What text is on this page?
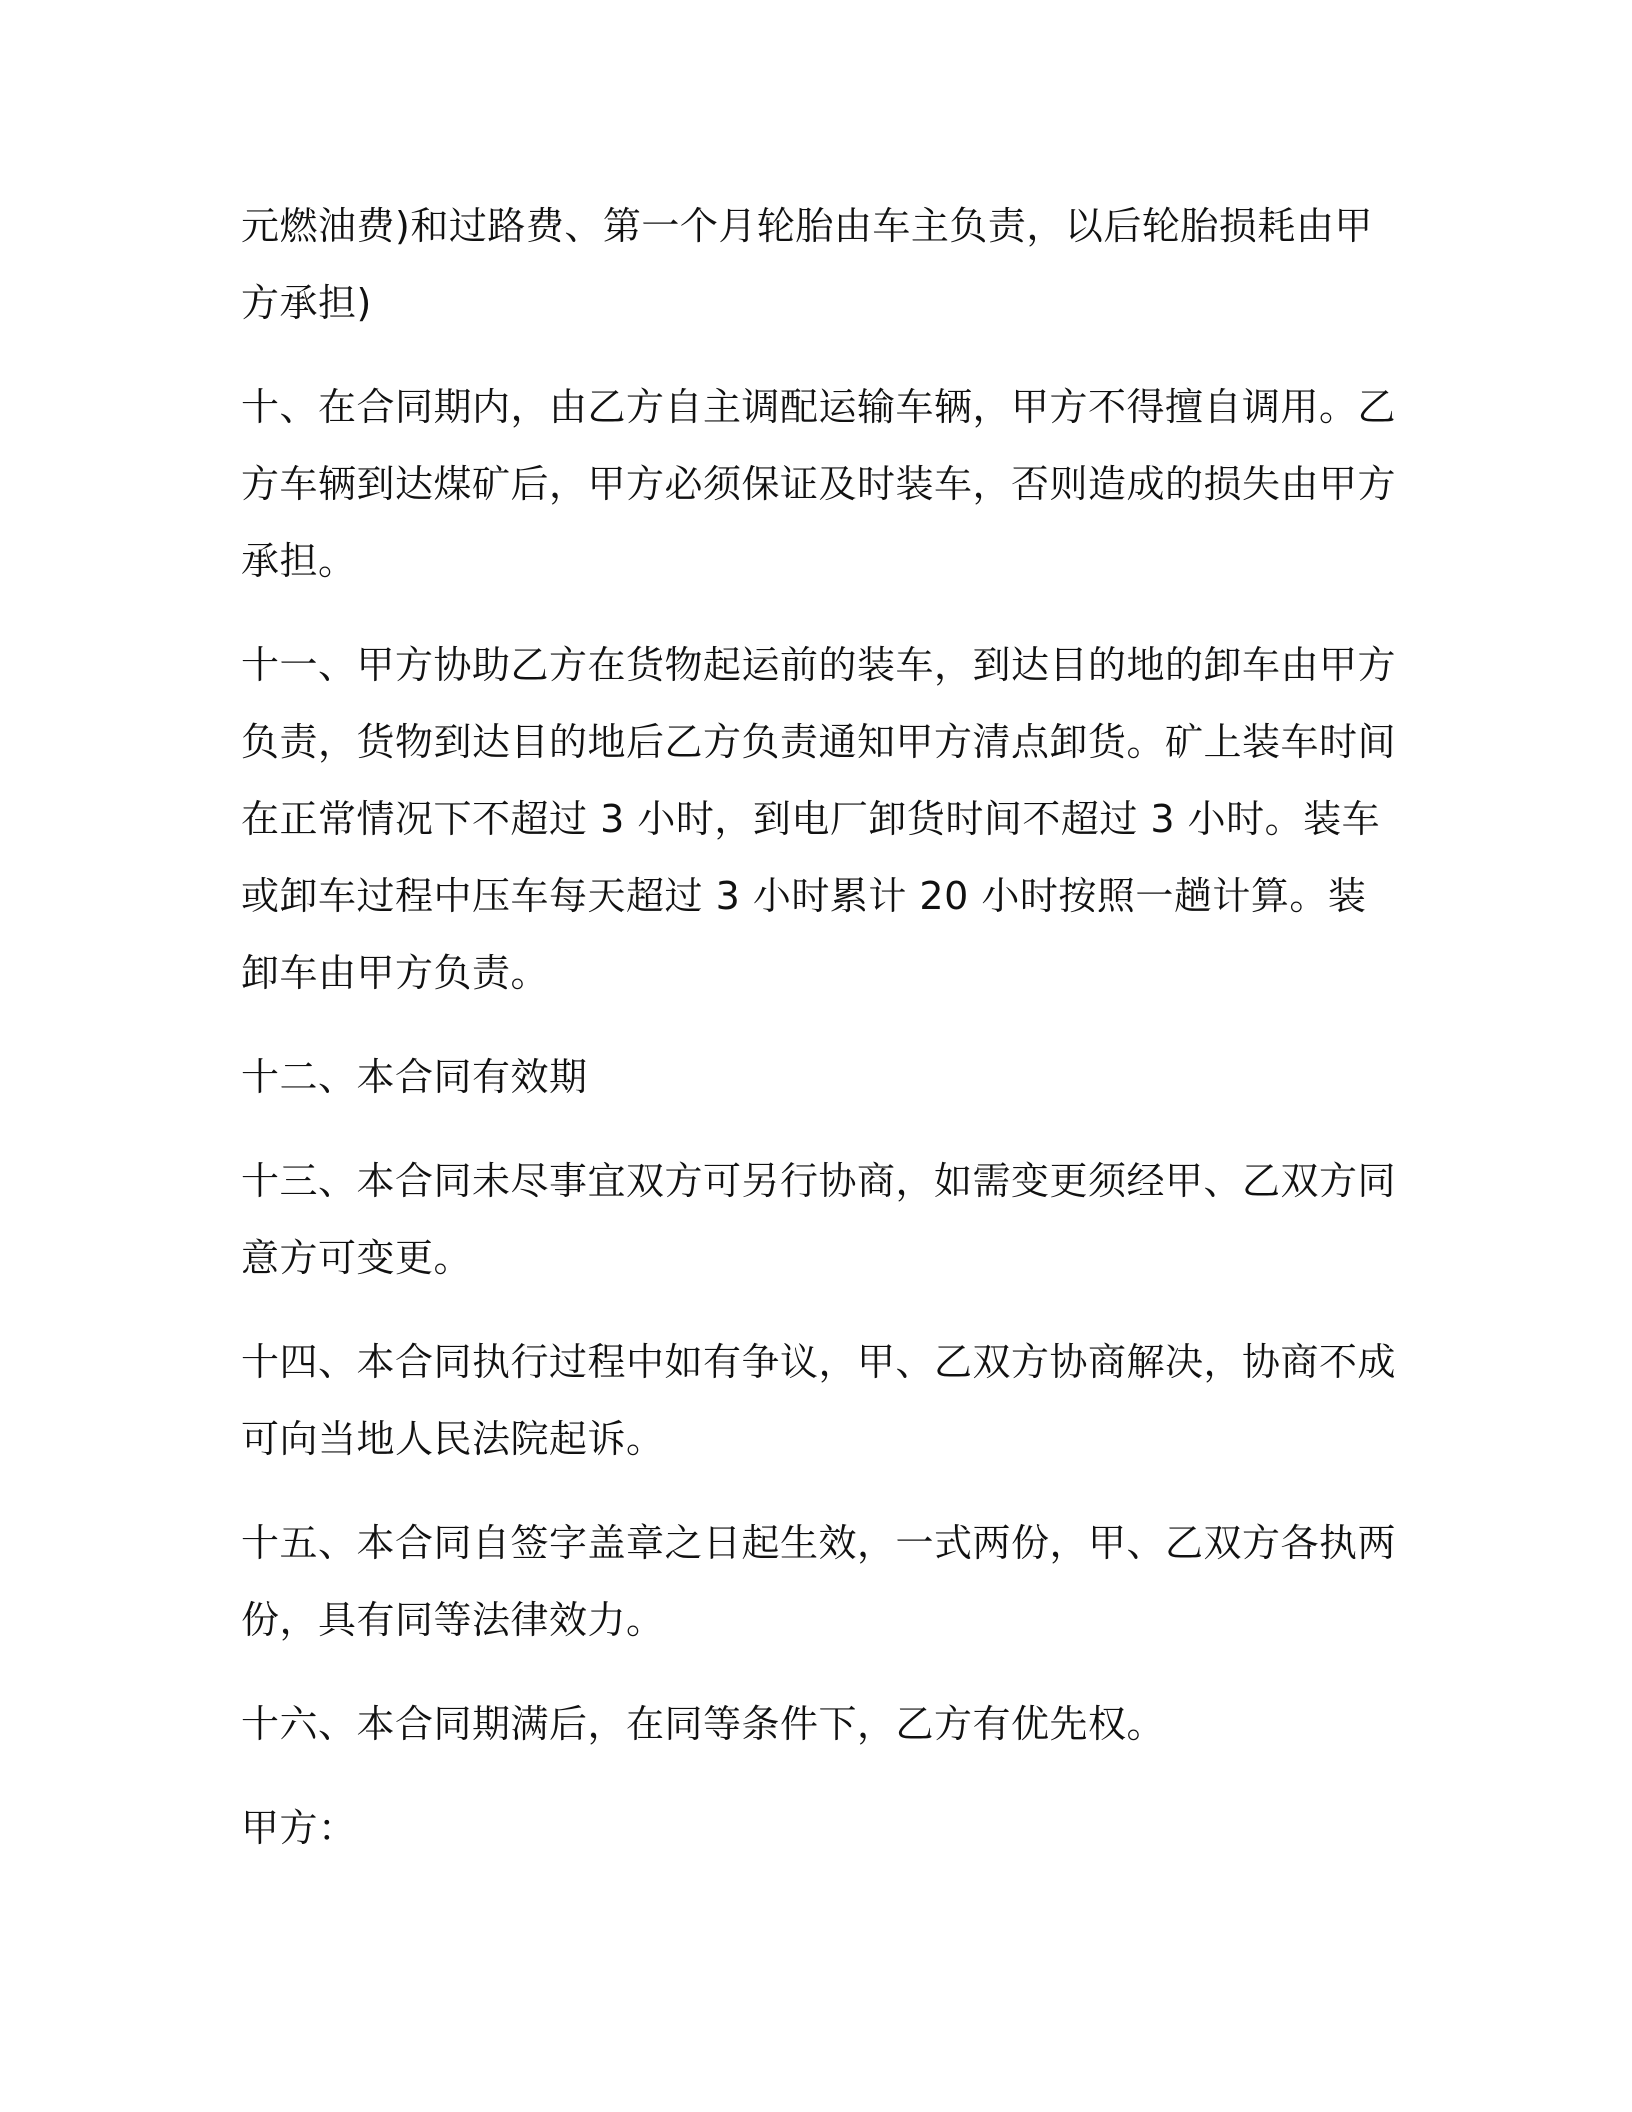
元燃油费)和过路费、第一个月轮胎由车主负责，以后轮胎损耗由甲方承担)

十、在合同期内，由乙方自主调配运输车辆，甲方不得擅自调用。乙方车辆到达煤矿后，甲方必须保证及时装车，否则造成的损失由甲方承担。

十一、甲方协助乙方在货物起运前的装车，到达目的地的卸车由甲方负责，货物到达目的地后乙方负责通知甲方清点卸货。矿上装车时间在正常情况下不超过 3 小时，到电厂卸货时间不超过 3 小时。装车或卸车过程中压车每天超过 3 小时累计 20 小时按照一趟计算。装卸车由甲方负责。

十二、本合同有效期

十三、本合同未尽事宜双方可另行协商，如需变更须经甲、乙双方同意方可变更。

十四、本合同执行过程中如有争议，甲、乙双方协商解决，协商不成可向当地人民法院起诉。

十五、本合同自签字盖章之日起生效，一式两份，甲、乙双方各执两份，具有同等法律效力。

十六、本合同期满后，在同等条件下，乙方有优先权。

甲方：
